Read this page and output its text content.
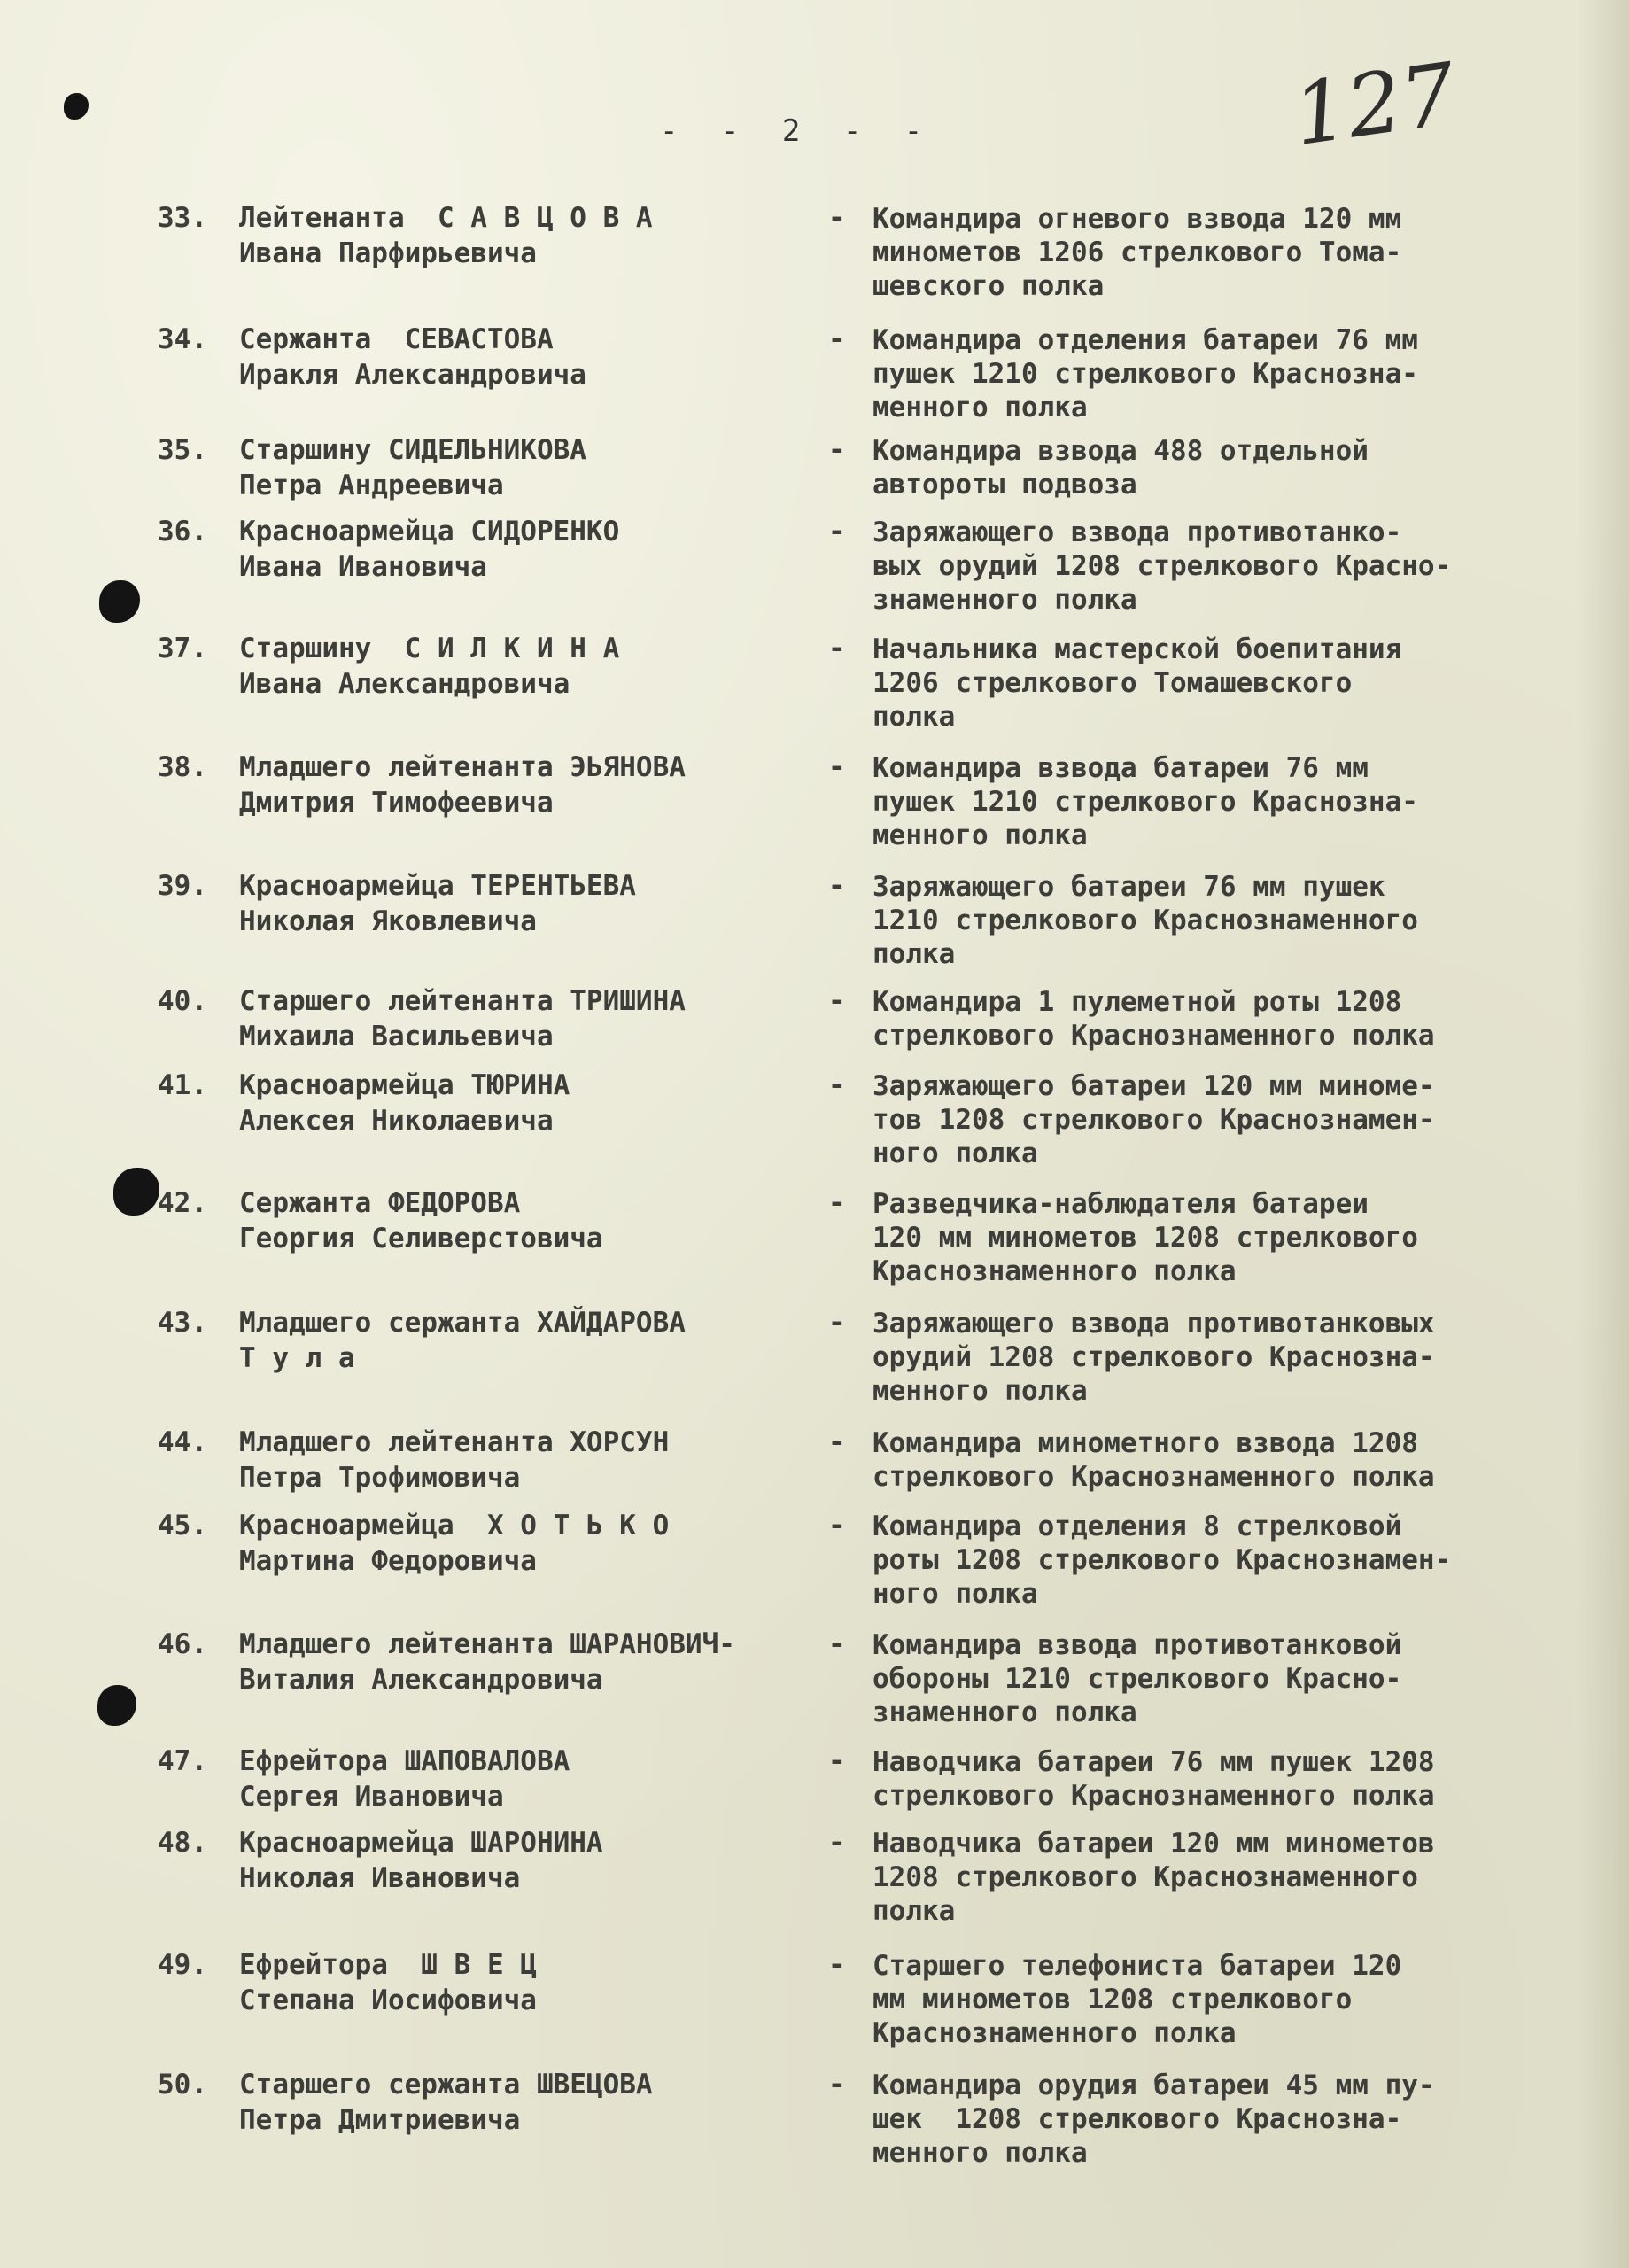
- - 2 - -	127
33. Лейтенанта  С А В Ц О В А
Ивана Парфирьевича
- Командира огневого взвода 120 мм
минометов 1206 стрелкового Тома-
шевского полка
34. Сержанта  СЕВАСТОВА
Иракля Александровича
- Командира отделения батареи 76 мм
пушек 1210 стрелкового Краснозна-
менного полка
35. Старшину СИДЕЛЬНИКОВА
Петра Андреевича
- Командира взвода 488 отдельной
автороты подвоза
36. Красноармейца СИДОРЕНКО
Ивана Ивановича
- Заряжающего взвода противотанко-
вых орудий 1208 стрелкового Красно-
знаменного полка
37. Старшину  С И Л К И Н А
Ивана Александровича
- Начальника мастерской боепитания
1206 стрелкового Томашевского
полка
38. Младшего лейтенанта ЭЬЯНОВА
Дмитрия Тимофеевича
- Командира взвода батареи 76 мм
пушек 1210 стрелкового Краснозна-
менного полка
39. Красноармейца ТЕРЕНТЬЕВА
Николая Яковлевича
- Заряжающего батареи 76 мм пушек
1210 стрелкового Краснознаменного
полка
40. Старшего лейтенанта ТРИШИНА
Михаила Васильевича
- Командира 1 пулеметной роты 1208
стрелкового Краснознаменного полка
41. Красноармейца ТЮРИНА
Алексея Николаевича
- Заряжающего батареи 120 мм миноме-
тов 1208 стрелкового Краснознамен-
ного полка
42. Сержанта ФЕДОРОВА
Георгия Селиверстовича
- Разведчика-наблюдателя батареи
120 мм минометов 1208 стрелкового
Краснознаменного полка
43. Младшего сержанта ХАЙДАРОВА
Т у л а
- Заряжающего взвода противотанковых
орудий 1208 стрелкового Краснозна-
менного полка
44. Младшего лейтенанта ХОРСУН
Петра Трофимовича
- Командира минометного взвода 1208
стрелкового Краснознаменного полка
45. Красноармейца  Х О Т Ь К О
Мартина Федоровича
- Командира отделения 8 стрелковой
роты 1208 стрелкового Краснознамен-
ного полка
46. Младшего лейтенанта ШАРАНОВИЧ-
Виталия Александровича
- Командира взвода противотанковой
обороны 1210 стрелкового Красно-
знаменного полка
47. Ефрейтора ШАПОВАЛОВА
Сергея Ивановича
- Наводчика батареи 76 мм пушек 1208
стрелкового Краснознаменного полка
48. Красноармейца ШАРОНИНА
Николая Ивановича
- Наводчика батареи 120 мм минометов
1208 стрелкового Краснознаменного
полка
49. Ефрейтора  Ш В Е Ц
Степана Иосифовича
- Старшего телефониста батареи 120
мм минометов 1208 стрелкового
Краснознаменного полка
50. Старшего сержанта ШВЕЦОВА
Петра Дмитриевича
- Командира орудия батареи 45 мм пу-
шек  1208 стрелкового Краснозна-
менного полка
